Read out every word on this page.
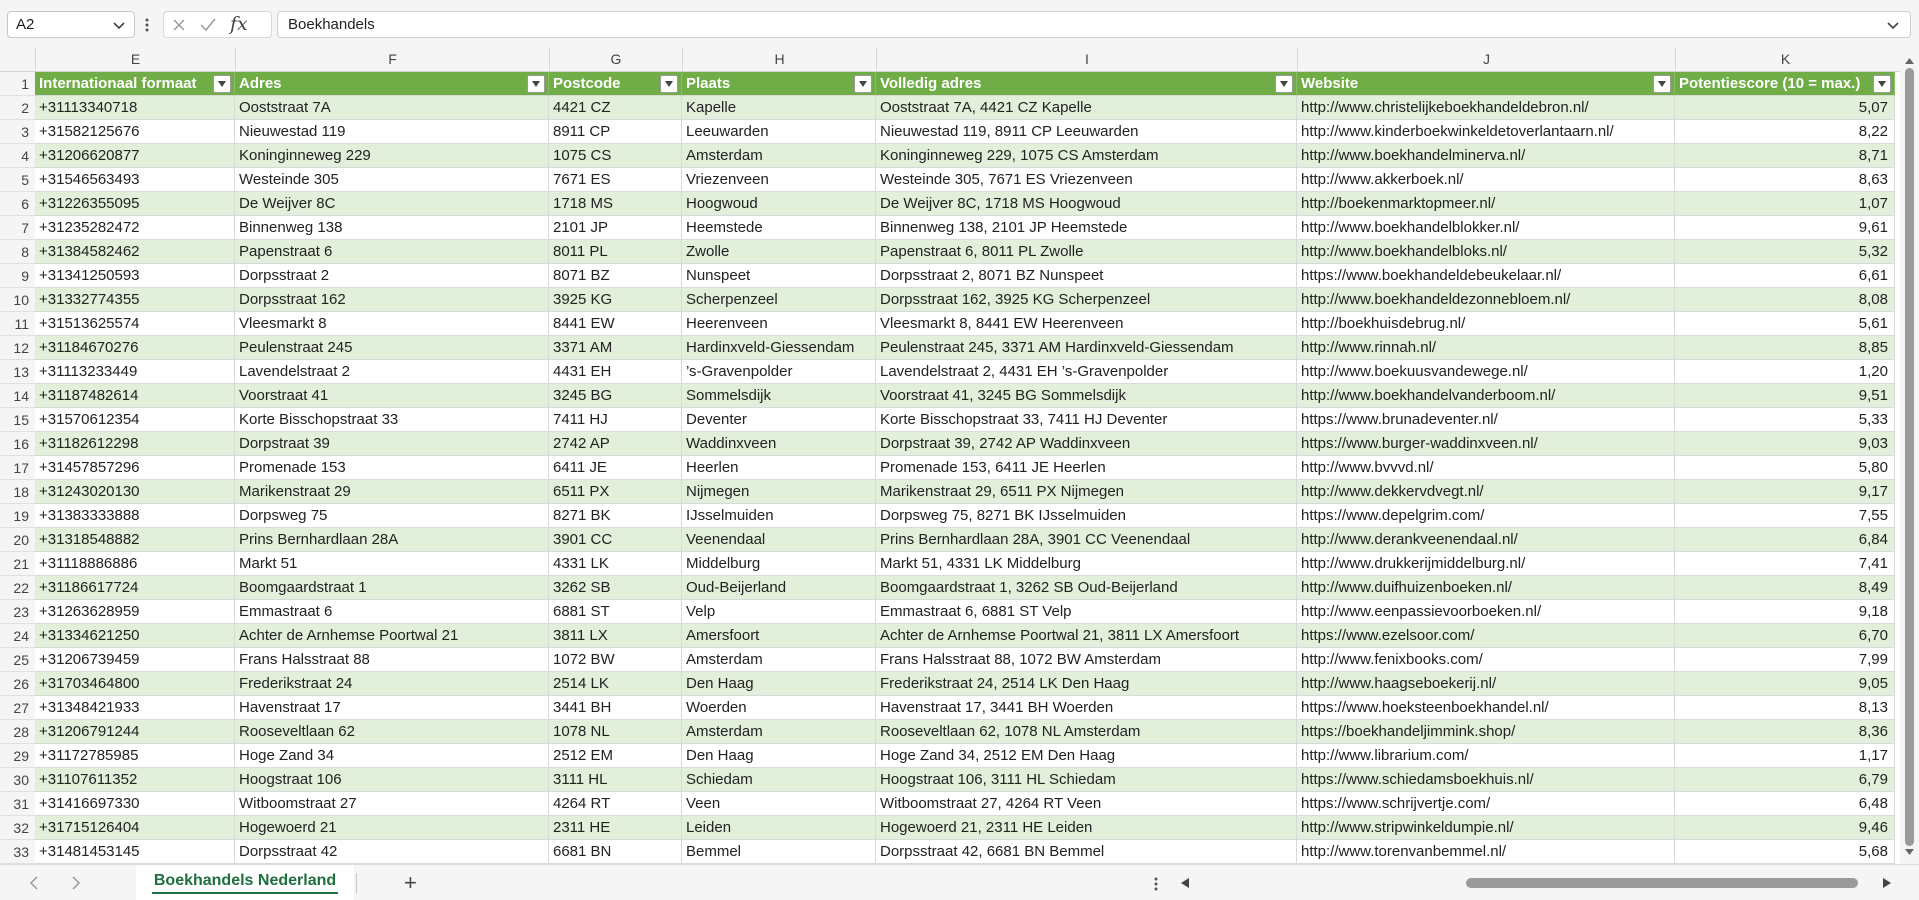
A2	fx	Boekhandels
E	F	G	H	I	J	K
1 Internationaal formaat	Adres	Postcode	Plaats	Volledig adres	Website	Potentiescore (10 = max.)
2 +31113340718	Ooststraat 7A	4421 CZ	Kapelle	Ooststraat 7A, 4421 CZ Kapelle	http://www.christelijkeboekhandeldebron.nl/	5,07
3 +31582125676	Nieuwestad 119	8911 CP	Leeuwarden	Nieuwestad 119, 8911 CP Leeuwarden	http://www.kinderboekwinkeldetoverlantaarn.nl/	8,22
4 +31206620877	Koninginneweg 229	1075 CS	Amsterdam	Koninginneweg 229, 1075 CS Amsterdam	http://www.boekhandelminerva.nl/	8,71
5 +31546563493	Westeinde 305	7671 ES	Vriezenveen	Westeinde 305, 7671 ES Vriezenveen	http://www.akkerboek.nl/	8,63
6 +31226355095	De Weijver 8C	1718 MS	Hoogwoud	De Weijver 8C, 1718 MS Hoogwoud	http://boekenmarktopmeer.nl/	1,07
7 +31235282472	Binnenweg 138	2101 JP	Heemstede	Binnenweg 138, 2101 JP Heemstede	http://www.boekhandelblokker.nl/	9,61
8 +31384582462	Papenstraat 6	8011 PL	Zwolle	Papenstraat 6, 8011 PL Zwolle	http://www.boekhandelbloks.nl/	5,32
9 +31341250593	Dorpsstraat 2	8071 BZ	Nunspeet	Dorpsstraat 2, 8071 BZ Nunspeet	https://www.boekhandeldebeukelaar.nl/	6,61
10 +31332774355	Dorpsstraat 162	3925 KG	Scherpenzeel	Dorpsstraat 162, 3925 KG Scherpenzeel	http://www.boekhandeldezonnebloem.nl/	8,08
11 +31513625574	Vleesmarkt 8	8441 EW	Heerenveen	Vleesmarkt 8, 8441 EW Heerenveen	http://boekhuisdebrug.nl/	5,61
12 +31184670276	Peulenstraat 245	3371 AM	Hardinxveld-Giessendam	Peulenstraat 245, 3371 AM Hardinxveld-Giessendam	http://www.rinnah.nl/	8,85
13 +31113233449	Lavendelstraat 2	4431 EH	’s-Gravenpolder	Lavendelstraat 2, 4431 EH ’s-Gravenpolder	http://www.boekuusvandewege.nl/	1,20
14 +31187482614	Voorstraat 41	3245 BG	Sommelsdijk	Voorstraat 41, 3245 BG Sommelsdijk	http://www.boekhandelvanderboom.nl/	9,51
15 +31570612354	Korte Bisschopstraat 33	7411 HJ	Deventer	Korte Bisschopstraat 33, 7411 HJ Deventer	https://www.brunadeventer.nl/	5,33
16 +31182612298	Dorpstraat 39	2742 AP	Waddinxveen	Dorpstraat 39, 2742 AP Waddinxveen	https://www.burger-waddinxveen.nl/	9,03
17 +31457857296	Promenade 153	6411 JE	Heerlen	Promenade 153, 6411 JE Heerlen	http://www.bvvvd.nl/	5,80
18 +31243020130	Marikenstraat 29	6511 PX	Nijmegen	Marikenstraat 29, 6511 PX Nijmegen	http://www.dekkervdvegt.nl/	9,17
19 +31383333888	Dorpsweg 75	8271 BK	IJsselmuiden	Dorpsweg 75, 8271 BK IJsselmuiden	https://www.depelgrim.com/	7,55
20 +31318548882	Prins Bernhardlaan 28A	3901 CC	Veenendaal	Prins Bernhardlaan 28A, 3901 CC Veenendaal	http://www.derankveenendaal.nl/	6,84
21 +31118886886	Markt 51	4331 LK	Middelburg	Markt 51, 4331 LK Middelburg	http://www.drukkerijmiddelburg.nl/	7,41
22 +31186617724	Boomgaardstraat 1	3262 SB	Oud-Beijerland	Boomgaardstraat 1, 3262 SB Oud-Beijerland	http://www.duifhuizenboeken.nl/	8,49
23 +31263628959	Emmastraat 6	6881 ST	Velp	Emmastraat 6, 6881 ST Velp	http://www.eenpassievoorboeken.nl/	9,18
24 +31334621250	Achter de Arnhemse Poortwal 21	3811 LX	Amersfoort	Achter de Arnhemse Poortwal 21, 3811 LX Amersfoort	https://www.ezelsoor.com/	6,70
25 +31206739459	Frans Halsstraat 88	1072 BW	Amsterdam	Frans Halsstraat 88, 1072 BW Amsterdam	http://www.fenixbooks.com/	7,99
26 +31703464800	Frederikstraat 24	2514 LK	Den Haag	Frederikstraat 24, 2514 LK Den Haag	http://www.haagseboekerij.nl/	9,05
27 +31348421933	Havenstraat 17	3441 BH	Woerden	Havenstraat 17, 3441 BH Woerden	https://www.hoeksteenboekhandel.nl/	8,13
28 +31206791244	Rooseveltlaan 62	1078 NL	Amsterdam	Rooseveltlaan 62, 1078 NL Amsterdam	https://boekhandeljimmink.shop/	8,36
29 +31172785985	Hoge Zand 34	2512 EM	Den Haag	Hoge Zand 34, 2512 EM Den Haag	http://www.librarium.com/	1,17
30 +31107611352	Hoogstraat 106	3111 HL	Schiedam	Hoogstraat 106, 3111 HL Schiedam	https://www.schiedamsboekhuis.nl/	6,79
31 +31416697330	Witboomstraat 27	4264 RT	Veen	Witboomstraat 27, 4264 RT Veen	https://www.schrijvertje.com/	6,48
32 +31715126404	Hogewoerd 21	2311 HE	Leiden	Hogewoerd 21, 2311 HE Leiden	http://www.stripwinkeldumpie.nl/	9,46
33 +31481453145	Dorpsstraat 42	6681 BN	Bemmel	Dorpsstraat 42, 6681 BN Bemmel	http://www.torenvanbemmel.nl/	5,68
Boekhandels Nederland	+
